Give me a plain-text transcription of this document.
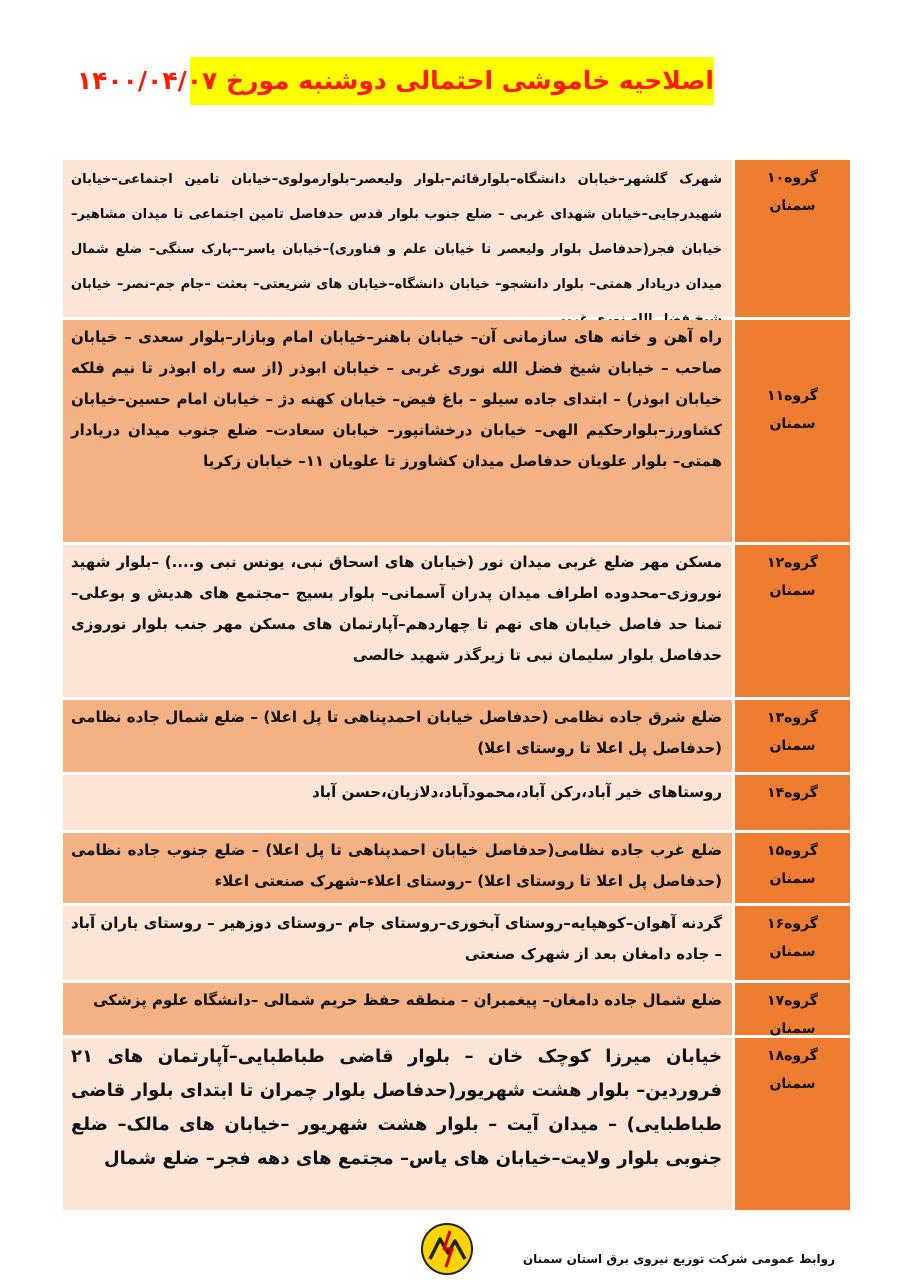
اصلاحیه خاموشی احتمالی دوشنبه مورخ ۱۴۰۰/۰۴/۰۷
گروه۱۰
سمنان
شهرک گلشهر–خیابان دانشگاه–بلوارقائم–بلوار ولیعصر–بلوارمولوی–خیابان تامین اجتماعی–خیابان شهیدرجایی–خیابان شهدای غربی – ضلع جنوب بلوار قدس حدفاصل تامین اجتماعی تا میدان مشاهیر– خیابان فجر(حدفاصل بلوار ولیعصر تا خیابان علم و فناوری)–خیابان یاسر––پارک سنگی– ضلع شمال میدان دریادار همتی– بلوار دانشجو– خیابان دانشگاه–خیابان های شریعتی– بعثت –جام جم–نصر– خیابان
گروه۱۱
سمنان
راه آهن و خانه های سازمانی آن– خیابان باهنر–خیابان امام وبازار–بلوار سعدی – خیابان صاحب – خیابان شیخ فضل الله نوری غربی – خیابان ابوذر (از سه راه ابوذر تا نیم فلکه خیابان ابوذر) – ابتدای جاده سیلو – باغ فیض– خیابان کهنه دژ – خیابان امام حسین–خیابان کشاورز–بلوارحکیم الهی– خیابان درخشانپور– خیابان سعادت– ضلع جنوب میدان دریادار همتی– بلوار علویان حدفاصل میدان کشاورز تا علویان ۱۱– خیابان زکریا
گروه۱۲
سمنان
مسکن مهر ضلع غربی میدان نور (خیابان های اسحاق نبی، یونس نبی و....) –بلوار شهید نوروزی–محدوده اطراف میدان پدران آسمانی– بلوار بسیج –مجتمع های هدیش و بوعلی–تمنا حد فاصل خیابان های نهم تا چهاردهم–آپارتمان های مسکن مهر جنب بلوار نوروزی حدفاصل بلوار سلیمان نبی تا زیرگذر شهید خالصی
گروه۱۳
سمنان
ضلع شرق جاده نظامی (حدفاصل خیابان احمدپناهی تا پل اعلا) – ضلع شمال جاده نظامی (حدفاصل پل اعلا تا روستای اعلا)
گروه۱۴
روستاهای خیر آباد،رکن آباد،محمودآباد،دلازیان،حسن آباد
گروه۱۵
سمنان
ضلع غرب جاده نظامی(حدفاصل خیابان احمدپناهی تا پل اعلا) – ضلع جنوب جاده نظامی (حدفاصل پل اعلا تا روستای اعلا) –روستای اعلاء–شهرک صنعتی اعلاء
گروه۱۶
سمنان
گردنه آهوان–کوهپایه–روستای آبخوری–روستای جام –روستای دوزهیر – روستای باران آباد – جاده دامغان بعد از شهرک صنعتی
گروه۱۷
سمنان
ضلع شمال جاده دامغان– پیغمبران – منطقه حفظ حریم شمالی –دانشگاه علوم پزشکی
گروه۱۸
سمنان
خیابان میرزا کوچک خان – بلوار قاضی طباطبایی–آپارتمان های ۲۱ فروردین– بلوار هشت شهریور(حدفاصل بلوار چمران تا ابتدای بلوار قاضی طباطبایی) – میدان آیت – بلوار هشت شهریور –خیابان های مالک– ضلع جنوبی بلوار ولایت–خیابان های یاس– مجتمع های دهه فجر– ضلع شمال
روابط عمومی شرکت توزیع نیروی برق استان سمنان
